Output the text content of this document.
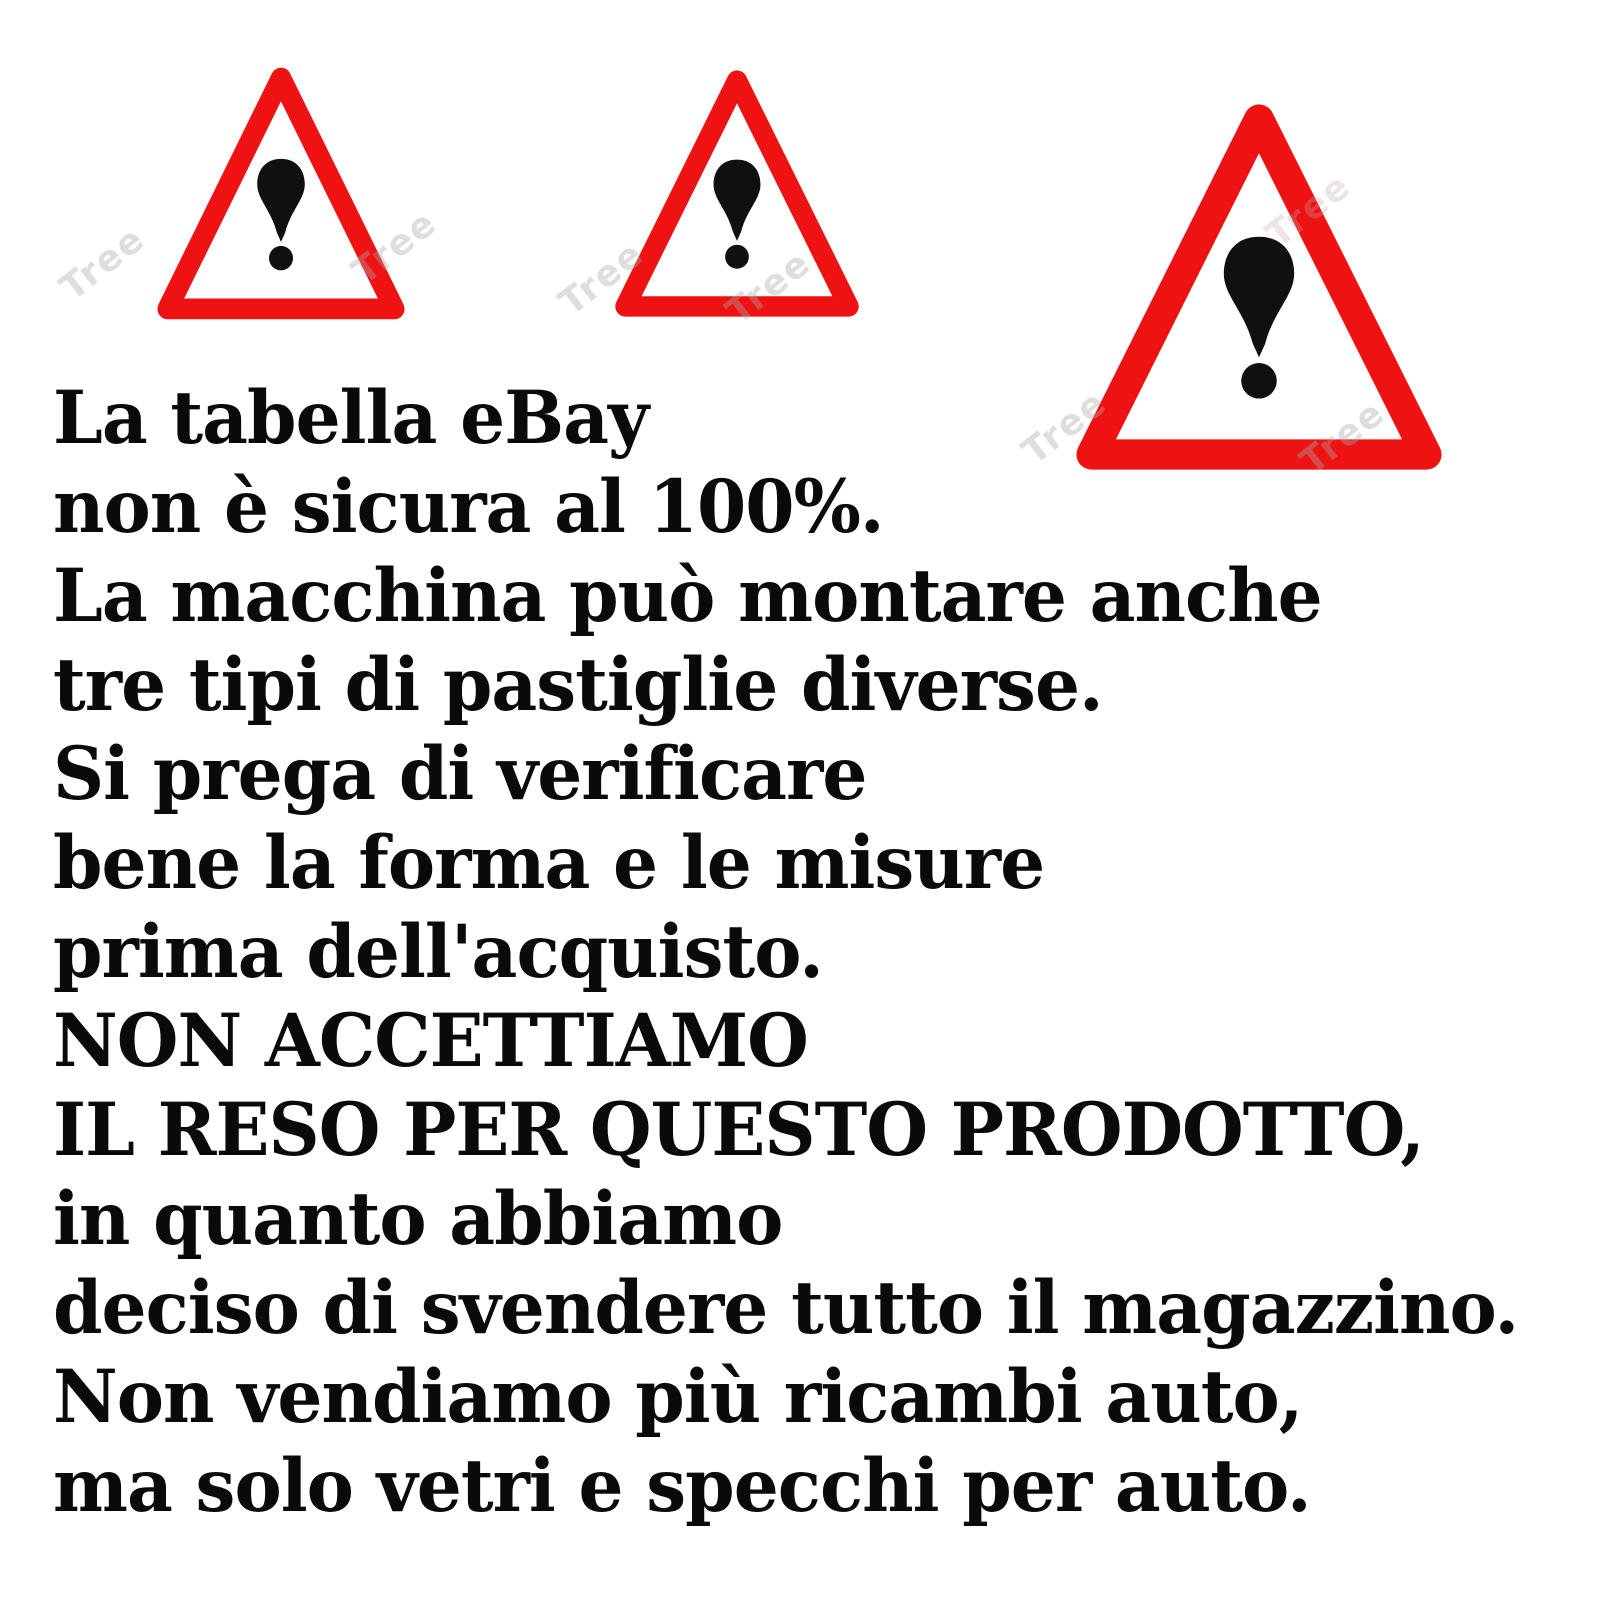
Tree	Tree	Tree Tree
Tree	Tree
Tree
La tabella eBay
non è sicura al 100%.
La macchina può montare anche
tre tipi di pastiglie diverse.
Si prega di verificare
bene la forma e le misure
prima dell'acquisto.
NON ACCETTIAMO
IL RESO PER QUESTO PRODOTTO,
in quanto abbiamo
deciso di svendere tutto il magazzino.
Non vendiamo più ricambi auto,
ma solo vetri e specchi per auto.
